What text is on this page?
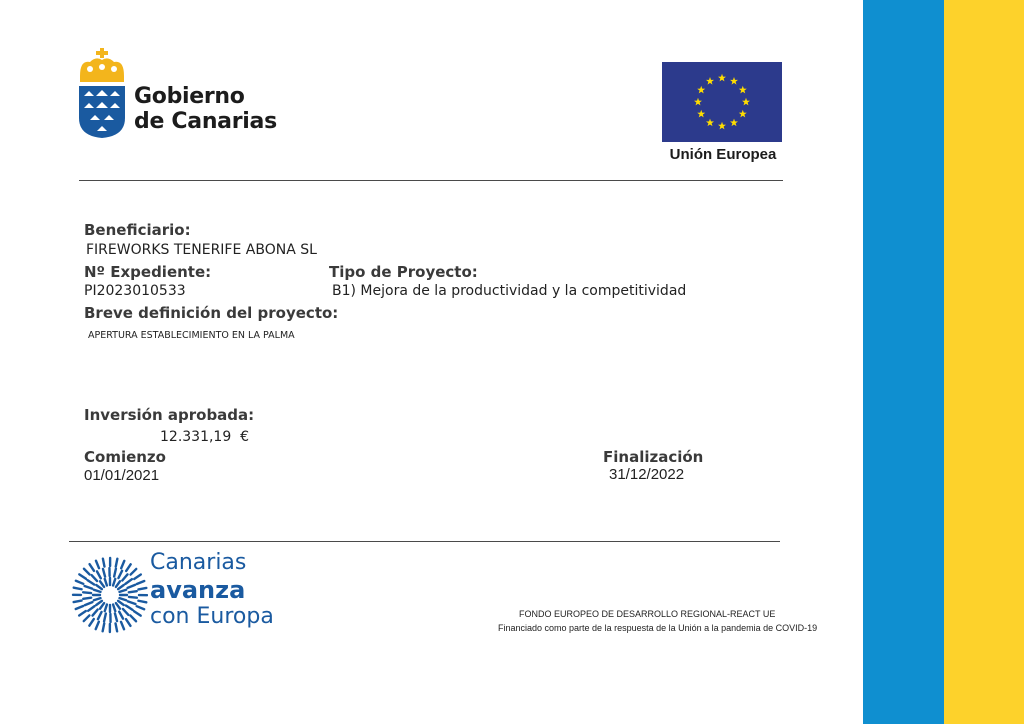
Gobierno
de Canarias
Unión Europea
Beneficiario:
FIREWORKS TENERIFE ABONA SL
Nº Expediente:
PI2023010533
Tipo de Proyecto:
B1) Mejora de la productividad y la competitividad
Breve definición del proyecto:
APERTURA ESTABLECIMIENTO EN LA PALMA
Inversión aprobada:
12.331,19  €
Comienzo
01/01/2021
Finalización
31/12/2022
Canarias
avanza
con Europa	FONDO EUROPEO DE DESARROLLO REGIONAL-REACT UE
Financiado como parte de la respuesta de la Unión a la pandemia de COVID-19
